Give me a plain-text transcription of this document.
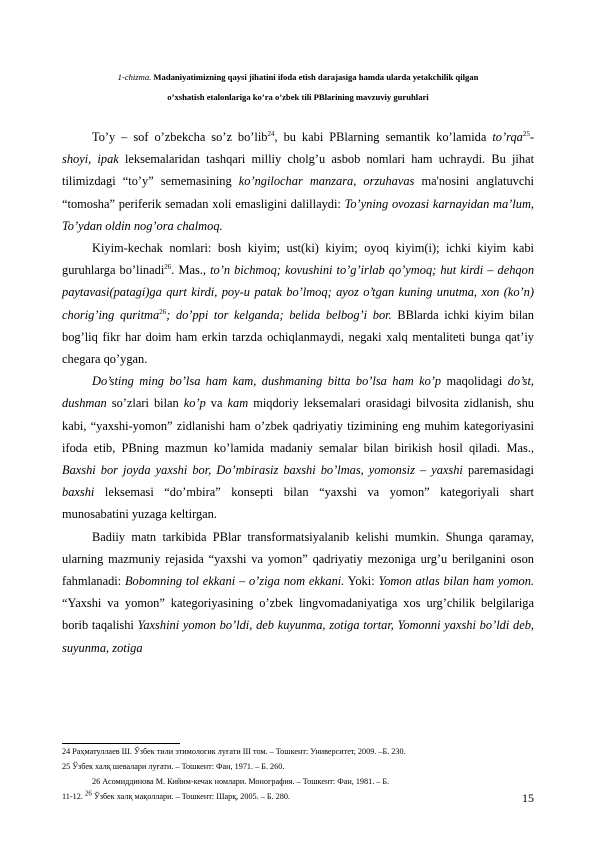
1-chizma. Madaniyatimizning qaysi jihatini ifoda etish darajasiga hamda ularda yetakchilik qilgan
o’xshatish etalonlariga ko’ra o’zbek tili PBlarining mavzuviy guruhlari

To’y – sof o’zbekcha so’z bo’lib$^{24}$, bu kabi PBlarning semantik ko’lamida to’rqa$^{25}$- shoyi, ipak leksemalaridan tashqari milliy cholg’u asbob nomlari ham uchraydi. Bu jihat tilimizdagi “to’y” sememasining ko’ngilochar manzara, orzuhavas ma'nosini anglatuvchi “tomosha” periferik semadan xoli emasligini dalillaydi: To’yning ovozasi karnayidan ma’lum, To’ydan oldin nog’ora chalmoq.

Kiyim-kechak nomlari: bosh kiyim; ust(ki) kiyim; oyoq kiyim(i); ichki kiyim kabi guruhlarga bo’linadi$^{26}$. Mas., to’n bichmoq; kovushini to’g’irlab qo’ymoq; hut kirdi – dehqon paytavasi(patagi)ga qurt kirdi, poy-u patak bo’lmoq; ayoz o’tgan kuning unutma, xon (ko’n) chorig’ing quritma$^{26}$; do’ppi tor kelganda; belida belbog’i bor. BBlarda ichki kiyim bilan bog’liq fikr har doim ham erkin tarzda ochiqlanmaydi, negaki xalq mentaliteti bunga qat’iy chegara qo’ygan.

Do’sting ming bo’lsa ham kam, dushmaning bitta bo’lsa ham ko’p maqolidagi do’st, dushman so’zlari bilan ko’p va kam miqdoriy leksemalari orasidagi bilvosita zidlanish, shu kabi, “yaxshi-yomon” zidlanishi ham o’zbek qadriyatiy tizimining eng muhim kategoriyasini ifoda etib, PBning mazmun ko’lamida madaniy semalar bilan birikish hosil qiladi. Mas., Baxshi bor joyda yaxshi bor, Do’mbirasiz baxshi bo’lmas, yomonsiz – yaxshi paremasidagi baxshi leksemasi “do’mbira” konsepti bilan “yaxshi va yomon” kategoriyali shart munosabatini yuzaga keltirgan.

Badiiy matn tarkibida PBlar transformatsiyalanib kelishi mumkin. Shunga qaramay, ularning mazmuniy rejasida “yaxshi va yomon” qadriyatiy mezoniga urg’u berilganini oson fahmlanadi: Bobomning tol ekkani – o’ziga nom ekkani. Yoki: Yomon atlas bilan ham yomon. “Yaxshi va yomon” kategoriyasining o’zbek lingvomadaniyatiga xos urg’chilik belgilariga borib taqalishi Yaxshini yomon bo’ldi, deb kuyunma, zotiga tortar, Yomonni yaxshi bo’ldi deb, suyunma, zotiga

24 Раҳматуллаев Ш. Ўзбек тили этимологик луғати III том. – Тошкент: Университет, 2009. –Б. 230.
25 Ўзбек халқ шевалари луғати. – Тошкент: Фан, 1971. – Б. 260.
26 Асомиддинова М. Кийим-кечак номлари. Монография. – Тошкент: Фан, 1981. – Б.
11-12. $^{26}$ Ўзбек халқ мақоллари. – Тошкент: Шарқ, 2005. – Б. 280.	15
